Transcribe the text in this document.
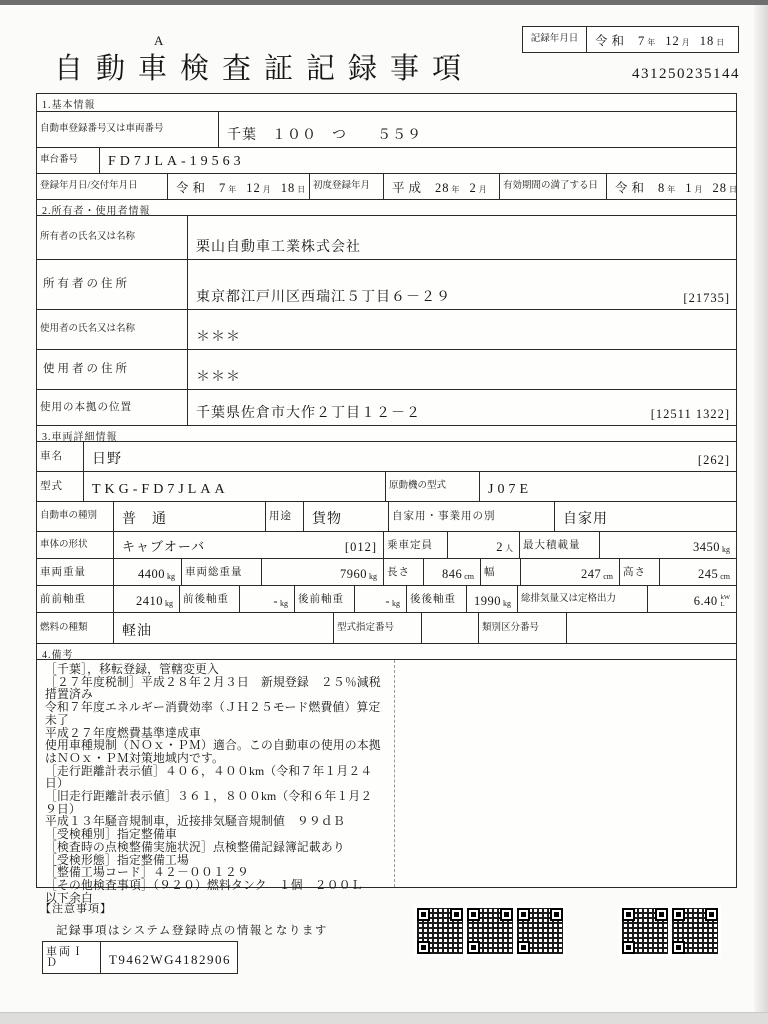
A
自動車検査証記録事項	431250235144
記録年月日	令和 7 年 12 月 18 日
1.基本情報
自動車登録番号又は車両番号	千葉　１００　つ　　５５９
車台番号	FD7JLA-19563
登録年月日/交付年月日	令和 7 年 12 月 18 日 初度登録年月	平成 28 年 2 月	有効期間の満了する日	令和 8 年 1 月 28 日
2.所有者・使用者情報
所有者の氏名又は名称
栗山自動車工業株式会社
所有者の住所
東京都江戸川区西瑞江５丁目６－２９	[21735]
使用者の氏名又は名称
＊＊＊
使用者の住所
＊＊＊
使用の本拠の位置	千葉県佐倉市大作２丁目１２－２	[12511 1322]
3.車両詳細情報
車名	日野	[262]
型式	TKG-FD7JLAA	原動機の型式	J07E
自動車の種別	普　通	用途	貨物	自家用・事業用の別	自家用
車体の形状	キャブオーバ	[012] 乗車定員	2 人 最大積載量	3450 kg
車両重量	4400 kg 車両総重量	7960 kg 長さ	846 cm 幅	247 cm 高さ	245 cm
前前軸重	2410 kg 前後軸重	- kg 後前軸重	- kg 後後軸重	1990 kg	総排気量又は定格出力	6.40 kW
L
燃料の種類	軽油	型式指定番号	類別区分番号
4.備考
［千葉］，移転登録，管轄変更入
［２７年度税制］平成２８年２月３日　新規登録　２５％減税措置済み
令和７年度エネルギー消費効率（ＪＨ２５モード燃費値）算定未了
平成２７年度燃費基準達成車
使用車種規制（ＮＯｘ・ＰＭ）適合。この自動車の使用の本拠はＮＯｘ・ＰＭ対策地域内です。
［走行距離計表示値］４０６，４００km（令和７年１月２４日）
［旧走行距離計表示値］３６１，８００km（令和６年１月２９日）
平成１３年騒音規制車，近接排気騒音規制値　９９ｄＢ
［受検種別］指定整備車
［検査時の点検整備実施状況］点検整備記録簿記載あり
［受検形態］指定整備工場
［整備工場コード］４２－００１２９
［その他検査事項］（９２０）燃料タンク　１個　２００Ｌ
以下余白
【注意事項】
記録事項はシステム登録時点の情報となります
車両ＩＤ	T9462WG4182906
